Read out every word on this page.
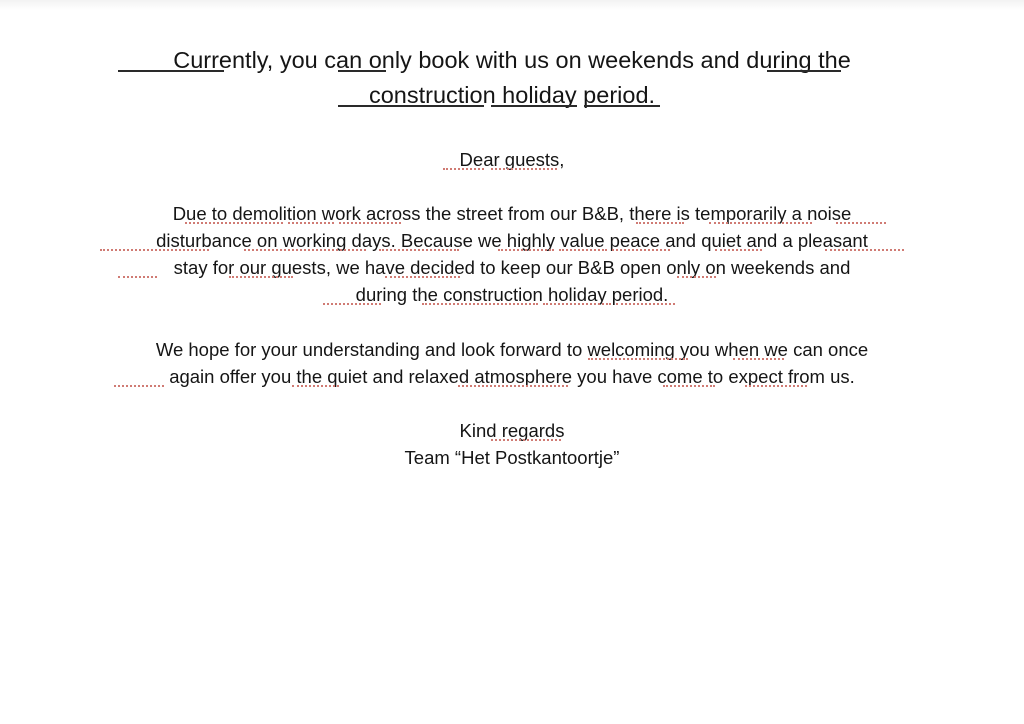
Currently, you can only book with us on weekends and during the
construction holiday period.
Dear guests,
Due to demolition work across the street from our B&B, there is temporarily a noise
disturbance on working days. Because we highly value peace and quiet and a pleasant
stay for our guests, we have decided to keep our B&B open only on weekends and
during the construction holiday period.
We hope for your understanding and look forward to welcoming you when we can once
again offer you the quiet and relaxed atmosphere you have come to expect from us.
Kind regards
Team “Het Postkantoortje”
